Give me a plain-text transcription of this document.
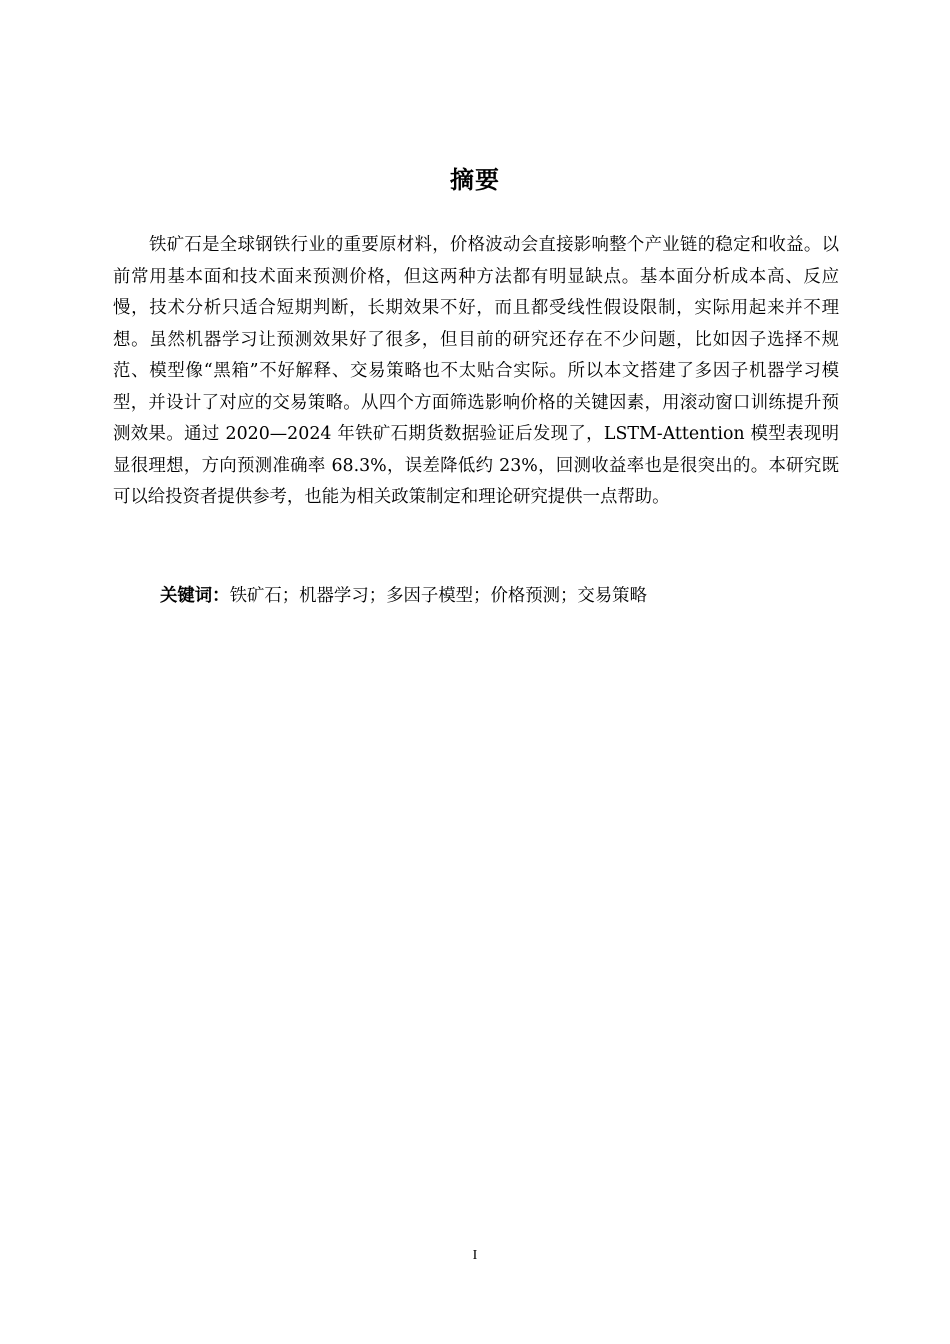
摘要

铁矿石是全球钢铁行业的重要原材料，价格波动会直接影响整个产业链的稳定和收益。以前常用基本面和技术面来预测价格，但这两种方法都有明显缺点。基本面分析成本高、反应慢，技术分析只适合短期判断，长期效果不好，而且都受线性假设限制，实际用起来并不理想。虽然机器学习让预测效果好了很多，但目前的研究还存在不少问题，比如因子选择不规范、模型像“黑箱”不好解释、交易策略也不太贴合实际。所以本文搭建了多因子机器学习模型，并设计了对应的交易策略。从四个方面筛选影响价格的关键因素，用滚动窗口训练提升预测效果。通过 2020—2024 年铁矿石期货数据验证后发现了，LSTM-Attention 模型表现明显很理想，方向预测准确率 68.3%，误差降低约 23%，回测收益率也是很突出的。本研究既可以给投资者提供参考，也能为相关政策制定和理论研究提供一点帮助。

关键词：铁矿石；机器学习；多因子模型；价格预测；交易策略
I
